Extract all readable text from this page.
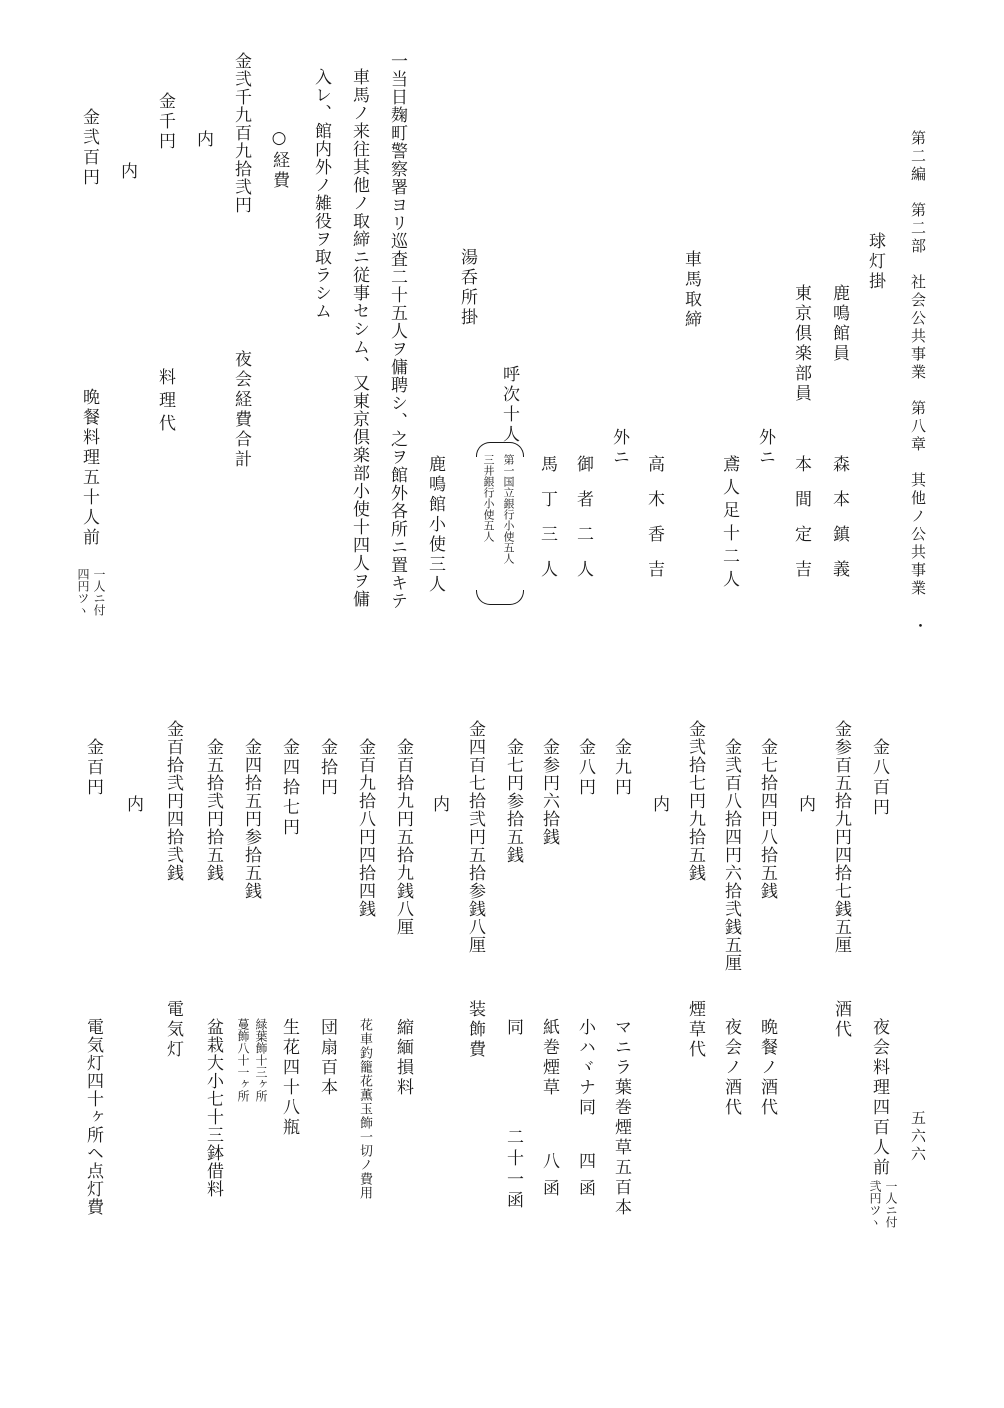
第二編　第二部　社会公共事業　第八章　其他ノ公共事業
・
五六六
球灯掛
鹿鳴館員
森本鎮義
東京倶楽部員
本間定吉
外ニ
鳶人足十二人
車馬取締
高木香吉
外ニ
御者二人
馬丁三人
呼次十人
第一国立銀行小使五人
三井銀行小使五人
鹿鳴館小使三人
湯呑所掛
一当日麹町警察署ヨリ巡査二十五人ヲ傭聘シ、之ヲ館外各所ニ置キテ
車馬ノ来往其他ノ取締ニ従事セシム、又東京倶楽部小使十四人ヲ傭
入レ、館内外ノ雑役ヲ取ラシム
○経費
金弐千九百九拾弐円
夜会経費合計
内
金千円
料理代
内
金弐百円
晩餐料理五十人前
一人ニ付
四円ツヽ
金八百円
夜会料理四百人前
一人ニ付
弐円ツヽ
金参百五拾九円四拾七銭五厘
酒代
内
金七拾四円八拾五銭
晩餐ノ酒代
金弐百八拾四円六拾弐銭五厘
夜会ノ酒代
金弐拾七円九拾五銭
煙草代
内
金九円
マニラ葉巻煙草五百本
金八円
小ハヾナ同
四函
金参円六拾銭
紙巻煙草
八函
金七円参拾五銭
同
二十一函
金四百七拾弐円五拾参銭八厘
装飾費
内
金百拾九円五拾九銭八厘
縮緬損料
金百九拾八円四拾四銭
花車釣籠花薫玉飾一切ノ費用
金拾円
団扇百本
金四拾七円
生花四十八瓶
金四拾五円参拾五銭
緑葉飾十三ヶ所
蔓飾八十一ヶ所
金五拾弐円拾五銭
盆栽大小七十三鉢借料
金百拾弐円四拾弐銭
電気灯
内
金百円
電気灯四十ヶ所ヘ点灯費
